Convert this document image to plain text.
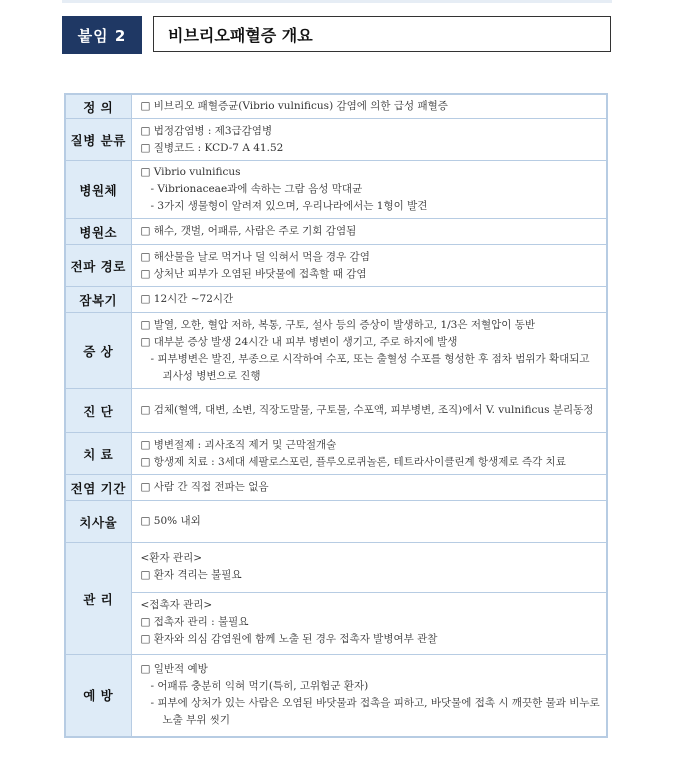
붙임 2	비브리오패혈증 개요
정 의	□ 비브리오 패혈증균(Vibrio vulnificus) 감염에 의한 급성 패혈증

질병 분류	□ 법정감염병 : 제3급감염병
□ 질병코드 : KCD-7 A 41.52

병원체	□ Vibrio vulnificus
- Vibrionaceae과에 속하는 그람 음성 막대균
- 3가지 생물형이 알려져 있으며, 우리나라에서는 1형이 발견

병원소	□ 해수, 갯벌, 어패류, 사람은 주로 기회 감염됨

전파 경로	□ 해산물을 날로 먹거나 덜 익혀서 먹을 경우 감염
□ 상처난 피부가 오염된 바닷물에 접촉할 때 감염

잠복기	□ 12시간 ~72시간

증 상	□ 발열, 오한, 혈압 저하, 복통, 구토, 설사 등의 증상이 발생하고, 1/3은 저혈압이 동반
□ 대부분 증상 발생 24시간 내 피부 병변이 생기고, 주로 하지에 발생
- 피부병변은 발진, 부종으로 시작하여 수포, 또는 출혈성 수포를 형성한 후 점차 범위가 확대되고 괴사성 병변으로 진행

진 단	□ 검체(혈액, 대변, 소변, 직장도말물, 구토물, 수포액, 피부병변, 조직)에서 V. vulnificus 분리동정

치 료	□ 병변절제 : 괴사조직 제거 및 근막절개술
□ 항생제 치료 : 3세대 세팔로스포린, 플루오로퀴놀론, 테트라사이클린계 항생제로 즉각 치료

전염 기간	□ 사람 간 직접 전파는 없음

치사율	□ 50% 내외

관 리	<환자 관리>
□ 환자 격리는 불필요
<접촉자 관리>
□ 접촉자 관리 : 불필요
□ 환자와 의심 감염원에 함께 노출 된 경우 접촉자 발병여부 관찰

예 방	□ 일반적 예방
- 어패류 충분히 익혀 먹기(특히, 고위험군 환자)
- 피부에 상처가 있는 사람은 오염된 바닷물과 접촉을 피하고, 바닷물에 접촉 시 깨끗한 물과 비누로 노출 부위 씻기
